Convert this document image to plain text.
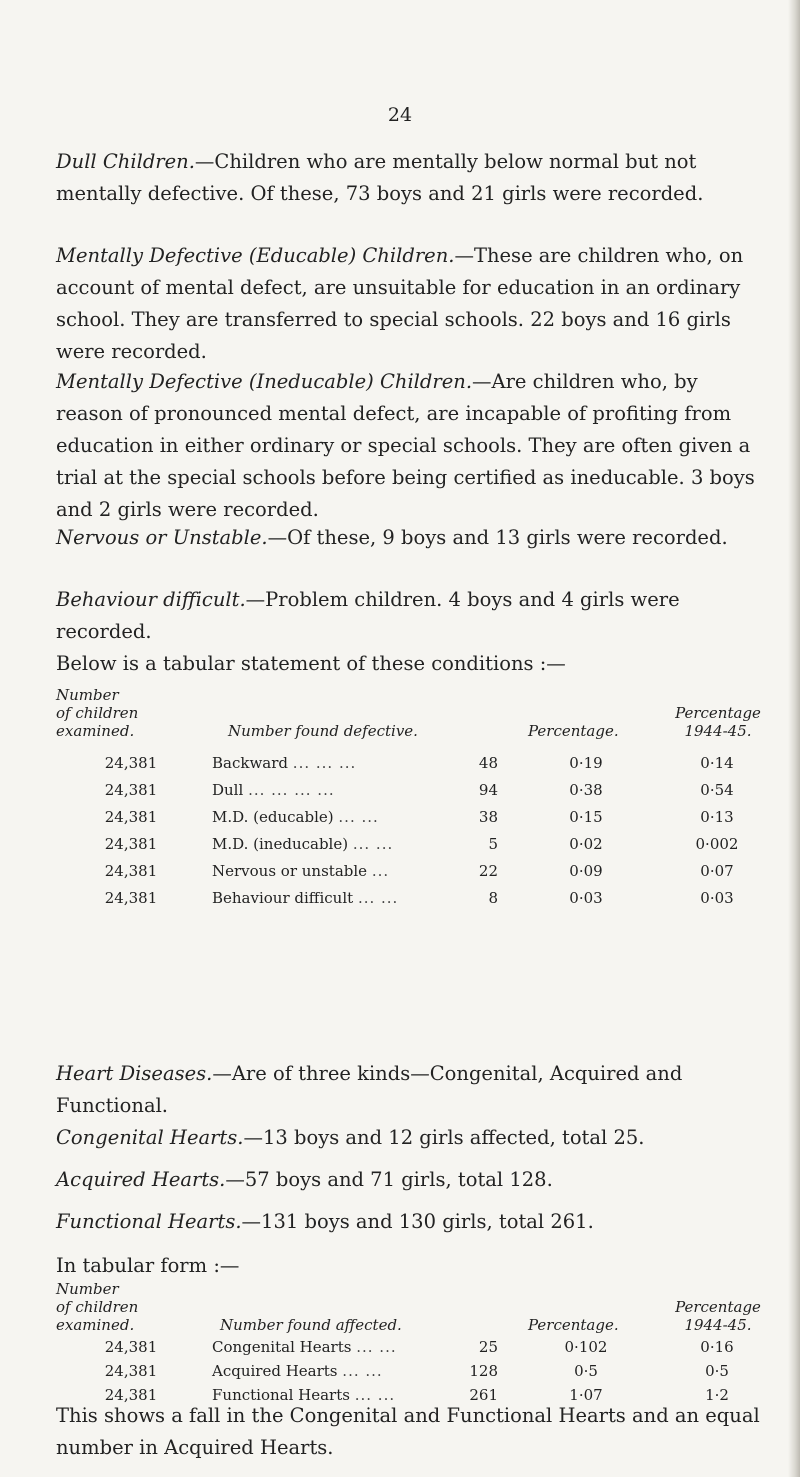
24

Dull Children.—Children who are mentally below normal but not mentally defective. Of these, 73 boys and 21 girls were recorded.

Mentally Defective (Educable) Children.—These are children who, on account of mental defect, are unsuitable for education in an ordinary school. They are transferred to special schools. 22 boys and 16 girls were recorded.

Mentally Defective (Ineducable) Children.—Are children who, by reason of pronounced mental defect, are incapable of profiting from education in either ordinary or special schools. They are often given a trial at the special schools before being certified as ineducable. 3 boys and 2 girls were recorded.

Nervous or Unstable.—Of these, 9 boys and 13 girls were recorded.

Behaviour difficult.—Problem children. 4 boys and 4 girls were recorded.

Below is a tabular statement of these conditions :—

Number
of children
examined.	Number found defective.	Percentage.
Percentage
1944-45.
24,381	Backward ... ... ...	48	0·19	0·14
24,381	Dull ... ... ... ...	94	0·38	0·54
24,381	M.D. (educable) ... ...	38	0·15	0·13
24,381	M.D. (ineducable) ... ...	5	0·02	0·002
24,381	Nervous or unstable ...	22	0·09	0·07
24,381	Behaviour difficult ... ...	8	0·03	0·03

Heart Diseases.—Are of three kinds—Congenital, Acquired and Functional.

Congenital Hearts.—13 boys and 12 girls affected, total 25.

Acquired Hearts.—57 boys and 71 girls, total 128.

Functional Hearts.—131 boys and 130 girls, total 261.

In tabular form :—

Number
of children
examined.	Number found affected.	Percentage.
Percentage
1944-45.
24,381	Congenital Hearts ... ...	25	0·102	0·16
24,381	Acquired Hearts ... ...	128	0·5	0·5
24,381	Functional Hearts ... ...	261	1·07	1·2

This shows a fall in the Congenital and Functional Hearts and an equal number in Acquired Hearts.
